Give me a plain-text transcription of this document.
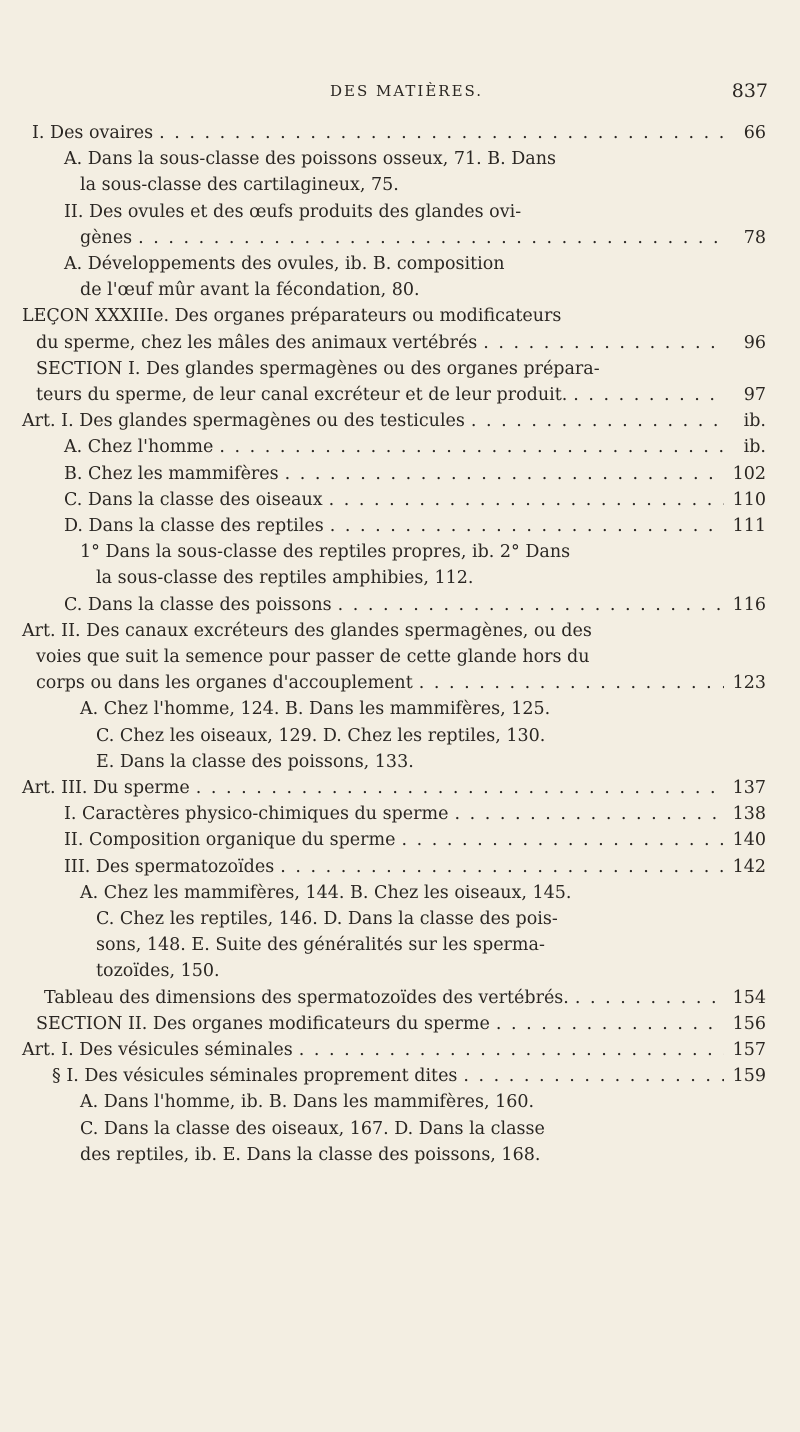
DES MATIÈRES.	837
I. Des ovaires . . .	66
A. Dans la sous-classe des poissons osseux, 71. B. Dans
la sous-classe des cartilagineux, 75.
II. Des ovules et des œufs produits des glandes ovi-
gènes . . .	78
A. Développements des ovules, ib. B. composition
de l'œuf mûr avant la fécondation, 80.
LEÇON XXXIIIe. Des organes préparateurs ou modificateurs
du sperme, chez les mâles des animaux vertébrés . . .	96
SECTION I. Des glandes spermagènes ou des organes prépara-
teurs du sperme, de leur canal excréteur et de leur produit. . . .	97
Art. I. Des glandes spermagènes ou des testicules . . .	ib.
A. Chez l'homme . . .	ib.
B. Chez les mammifères . . .	102
C. Dans la classe des oiseaux . . .	110
D. Dans la classe des reptiles . . .	111
1° Dans la sous-classe des reptiles propres, ib. 2° Dans
la sous-classe des reptiles amphibies, 112.
C. Dans la classe des poissons . . .	116
Art. II. Des canaux excréteurs des glandes spermagènes, ou des
voies que suit la semence pour passer de cette glande hors du
corps ou dans les organes d'accouplement . . .	123
A. Chez l'homme, 124. B. Dans les mammifères, 125.
C. Chez les oiseaux, 129. D. Chez les reptiles, 130.
E. Dans la classe des poissons, 133.
Art. III. Du sperme . . .	137
I. Caractères physico-chimiques du sperme . . .	138
II. Composition organique du sperme . . .	140
III. Des spermatozoïdes . . .	142
A. Chez les mammifères, 144. B. Chez les oiseaux, 145.
C. Chez les reptiles, 146. D. Dans la classe des pois-
sons, 148. E. Suite des généralités sur les sperma-
tozoïdes, 150.
Tableau des dimensions des spermatozoïdes des vertébrés. . . .	154
SECTION II. Des organes modificateurs du sperme . . .	156
Art. I. Des vésicules séminales . . .	157
§ I. Des vésicules séminales proprement dites . . .	159
A. Dans l'homme, ib. B. Dans les mammifères, 160.
C. Dans la classe des oiseaux, 167. D. Dans la classe
des reptiles, ib. E. Dans la classe des poissons, 168.
